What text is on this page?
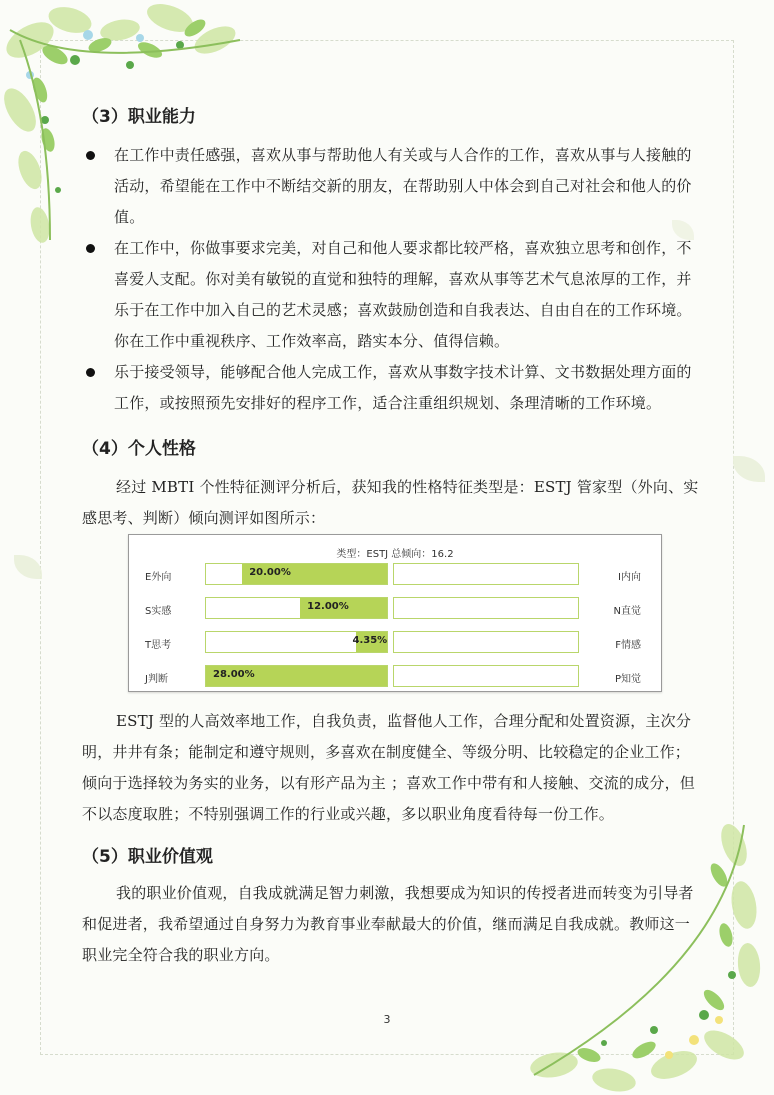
（3）职业能力
在工作中责任感强，喜欢从事与帮助他人有关或与人合作的工作，喜欢从事与人接触的活动，希望能在工作中不断结交新的朋友，在帮助别人中体会到自己对社会和他人的价值。
在工作中，你做事要求完美，对自己和他人要求都比较严格，喜欢独立思考和创作，不喜爱人支配。你对美有敏锐的直觉和独特的理解，喜欢从事等艺术气息浓厚的工作，并乐于在工作中加入自己的艺术灵感；喜欢鼓励创造和自我表达、自由自在的工作环境。你在工作中重视秩序、工作效率高，踏实本分、值得信赖。
乐于接受领导，能够配合他人完成工作，喜欢从事数字技术计算、文书数据处理方面的工作，或按照预先安排好的程序工作，适合注重组织规划、条理清晰的工作环境。
（4）个人性格

经过 MBTI 个性特征测评分析后，获知我的性格特征类型是：ESTJ 管家型（外向、实感思考、判断）倾向测评如图所示：

ESTJ 型的人高效率地工作，自我负责，监督他人工作，合理分配和处置资源，主次分明，井井有条；能制定和遵守规则，多喜欢在制度健全、等级分明、比较稳定的企业工作；倾向于选择较为务实的业务，以有形产品为主 ；喜欢工作中带有和人接触、交流的成分，但不以态度取胜；不特别强调工作的行业或兴趣，多以职业角度看待每一份工作。

（5）职业价值观

我的职业价值观，自我成就满足智力刺激，我想要成为知识的传授者进而转变为引导者和促进者，我希望通过自身努力为教育事业奉献最大的价值，继而满足自我成就。教师这一职业完全符合我的职业方向。

类型：ESTJ 总倾向：16.2
E外向	20.00%	I内向
S实感	12.00%	N直觉
T思考	4.35%	F情感
J判断	28.00%	P知觉
3
